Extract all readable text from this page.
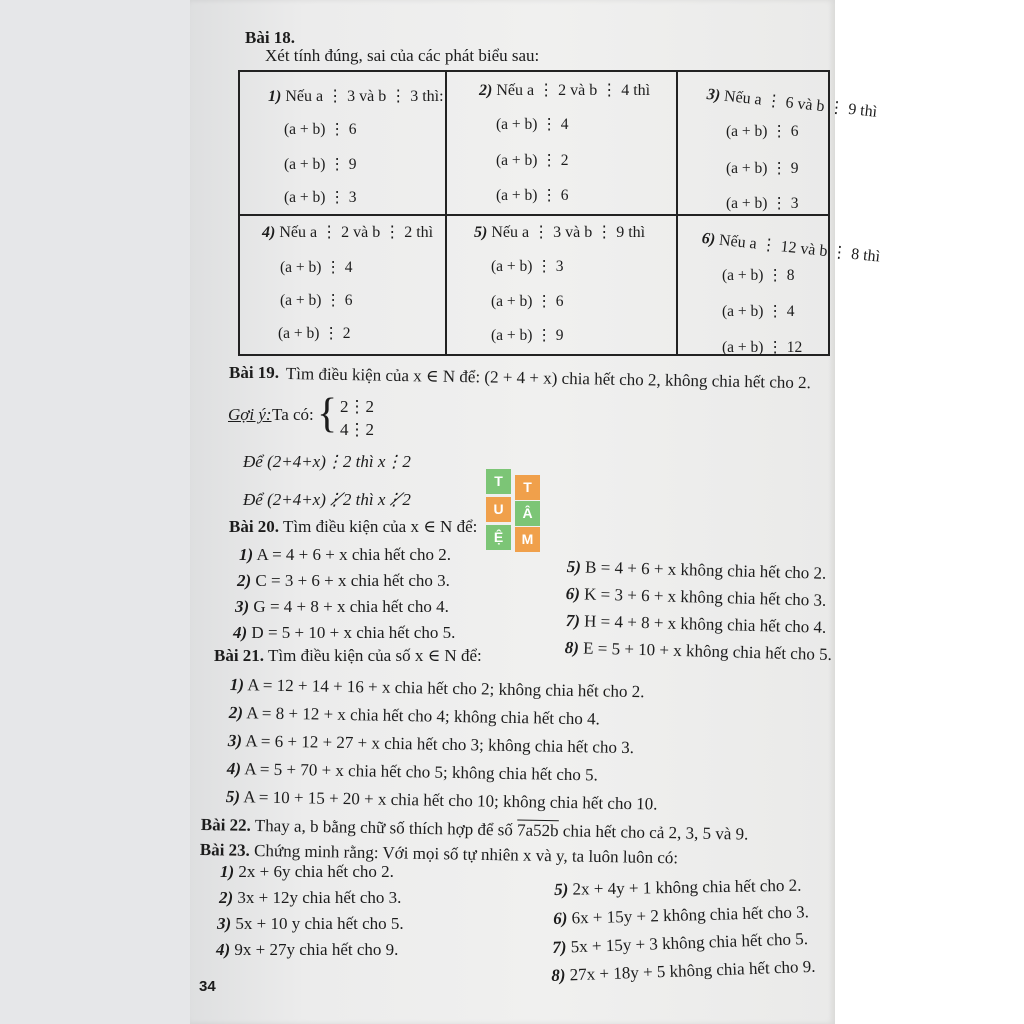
Bài 18.
Xét tính đúng, sai của các phát biểu sau:
1) Nếu a ⋮ 3 và b ⋮ 3 thì:
(a + b) ⋮ 6
(a + b) ⋮ 9
(a + b) ⋮ 3
2) Nếu a ⋮ 2 và b ⋮ 4 thì
(a + b) ⋮ 4
(a + b) ⋮ 2
(a + b) ⋮ 6
3) Nếu a ⋮ 6 và b ⋮ 9 thì
(a + b) ⋮ 6
(a + b) ⋮ 9
(a + b) ⋮ 3
4) Nếu a ⋮ 2 và b ⋮ 2 thì
(a + b) ⋮ 4
(a + b) ⋮ 6
(a + b) ⋮ 2
5) Nếu a ⋮ 3 và b ⋮ 9 thì
(a + b) ⋮ 3
(a + b) ⋮ 6
(a + b) ⋮ 9
6) Nếu a ⋮ 12 và b ⋮ 8 thì
(a + b) ⋮ 8
(a + b) ⋮ 4
(a + b) ⋮ 12
Bài 19. Tìm điều kiện của x ∈ N để: (2 + 4 + x) chia hết cho 2, không chia hết cho 2.
Gợi ý: Ta có: { 2⋮2
4⋮2
Để (2+4+x)⋮2 thì x⋮2
Để (2+4+x)⋮̸2 thì x⋮̸2
T	T
U	Â
Ệ	M
Bài 20. Tìm điều kiện của x ∈ N để:
1) A = 4 + 6 + x chia hết cho 2.
2) C = 3 + 6 + x chia hết cho 3.
3) G = 4 + 8 + x chia hết cho 4.
4) D = 5 + 10 + x chia hết cho 5.
5) B = 4 + 6 + x không chia hết cho 2.
6) K = 3 + 6 + x không chia hết cho 3.
7) H = 4 + 8 + x không chia hết cho 4.
8) E = 5 + 10 + x không chia hết cho 5.
Bài 21. Tìm điều kiện của số x ∈ N để:
1) A = 12 + 14 + 16 + x chia hết cho 2; không chia hết cho 2.
2) A = 8 + 12 + x chia hết cho 4; không chia hết cho 4.
3) A = 6 + 12 + 27 + x chia hết cho 3; không chia hết cho 3.
4) A = 5 + 70 + x chia hết cho 5; không chia hết cho 5.
5) A = 10 + 15 + 20 + x chia hết cho 10; không chia hết cho 10.
Bài 22. Thay a, b bằng chữ số thích hợp để số 7a52b chia hết cho cả 2, 3, 5 và 9.
Bài 23. Chứng minh rằng: Với mọi số tự nhiên x và y, ta luôn luôn có:
1) 2x + 6y chia hết cho 2.
2) 3x + 12y chia hết cho 3.
3) 5x + 10 y chia hết cho 5.
4) 9x + 27y chia hết cho 9.
5) 2x + 4y + 1 không chia hết cho 2.
6) 6x + 15y + 2 không chia hết cho 3.
7) 5x + 15y + 3 không chia hết cho 5.
8) 27x + 18y + 5 không chia hết cho 9.
34
